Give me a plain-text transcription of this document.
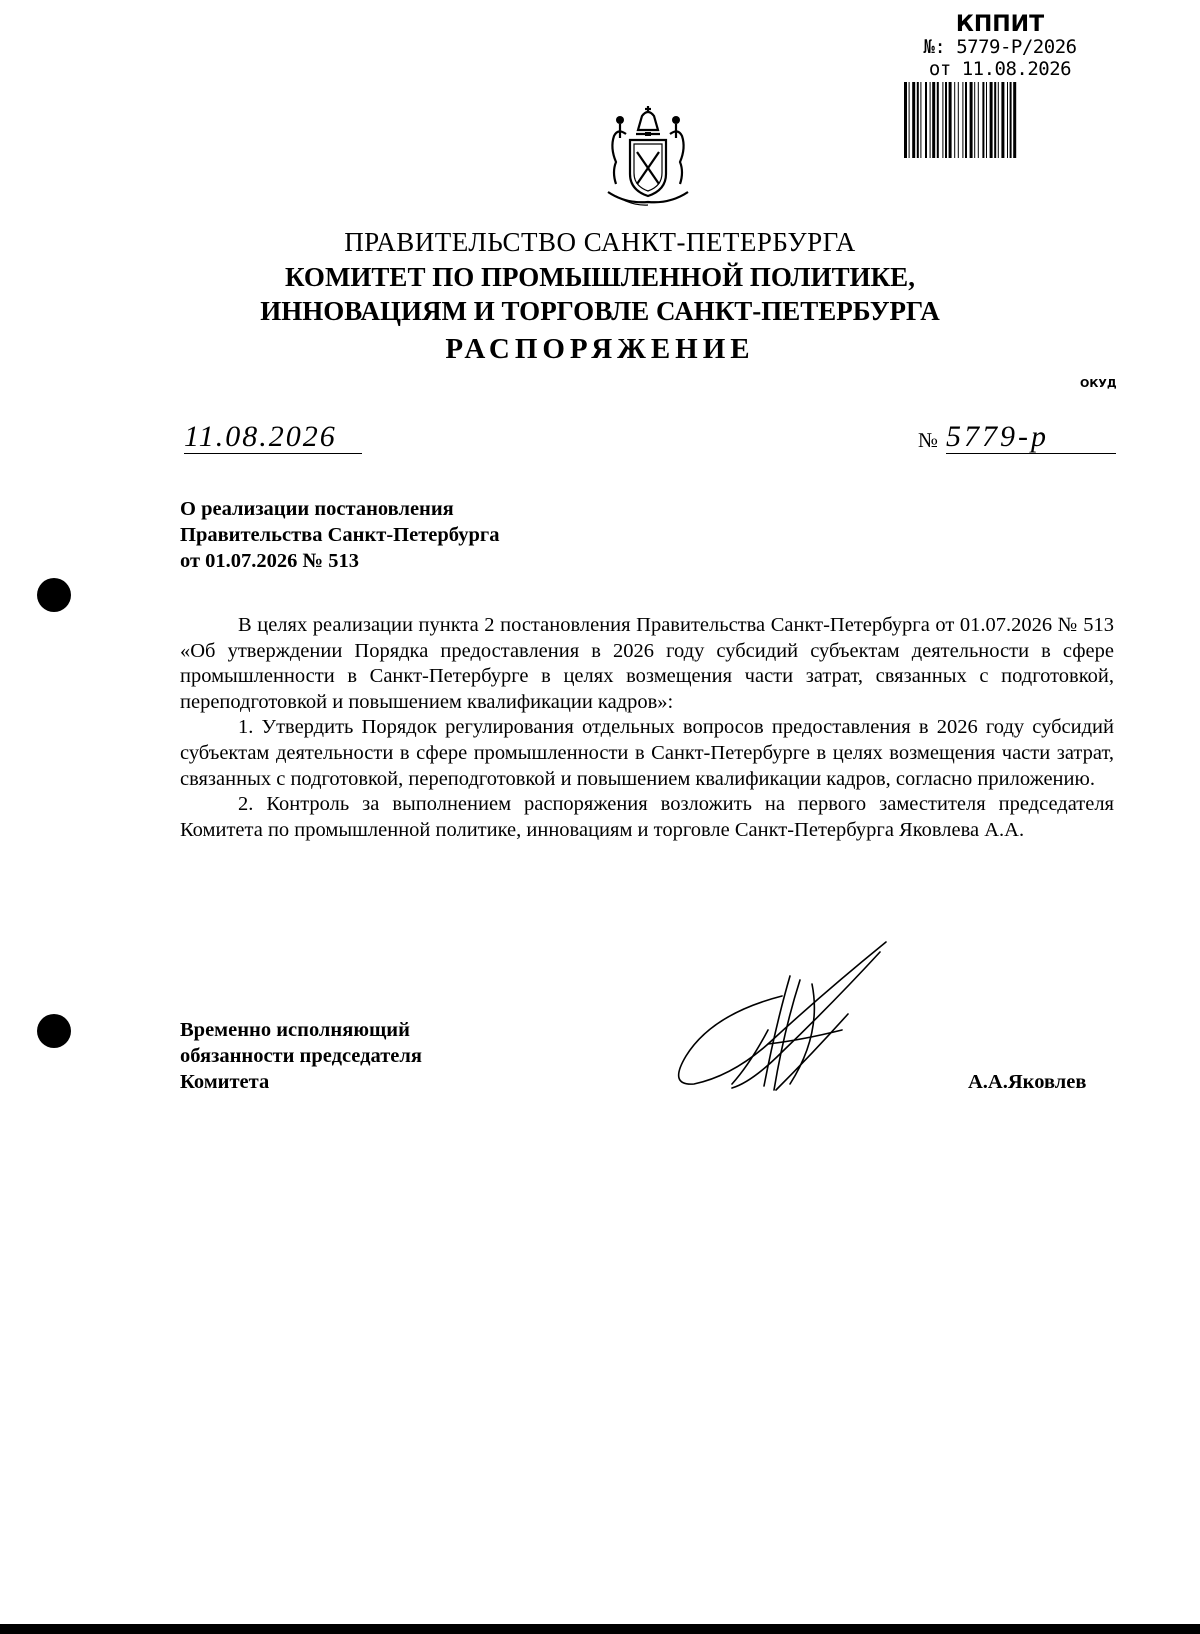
КППИТ
№: 5779-Р/2026
от 11.08.2026
ПРАВИТЕЛЬСТВО САНКТ-ПЕТЕРБУРГА
КОМИТЕТ ПО ПРОМЫШЛЕННОЙ ПОЛИТИКЕ,
ИННОВАЦИЯМ И ТОРГОВЛЕ САНКТ-ПЕТЕРБУРГА
РАСПОРЯЖЕНИЕ
ОКУД
11.08.2026	№ 5779-р
О реализации постановления
Правительства Санкт-Петербурга
от 01.07.2026 № 513

В целях реализации пункта 2 постановления Правительства Санкт-Петербурга от 01.07.2026 № 513 «Об утверждении Порядка предоставления в 2026 году субсидий субъектам деятельности в сфере промышленности в Санкт-Петербурге в целях возмещения части затрат, связанных с подготовкой, переподготовкой и повышением квалификации кадров»:

1. Утвердить Порядок регулирования отдельных вопросов предоставления в 2026 году субсидий субъектам деятельности в сфере промышленности в Санкт-Петербурге в целях возмещения части затрат, связанных с подготовкой, переподготовкой и повышением квалификации кадров, согласно приложению.

2. Контроль за выполнением распоряжения возложить на первого заместителя председателя Комитета по промышленной политике, инновациям и торговле Санкт-Петербурга Яковлева А.А.

Временно исполняющий
обязанности председателя
Комитета	А.А.Яковлев
